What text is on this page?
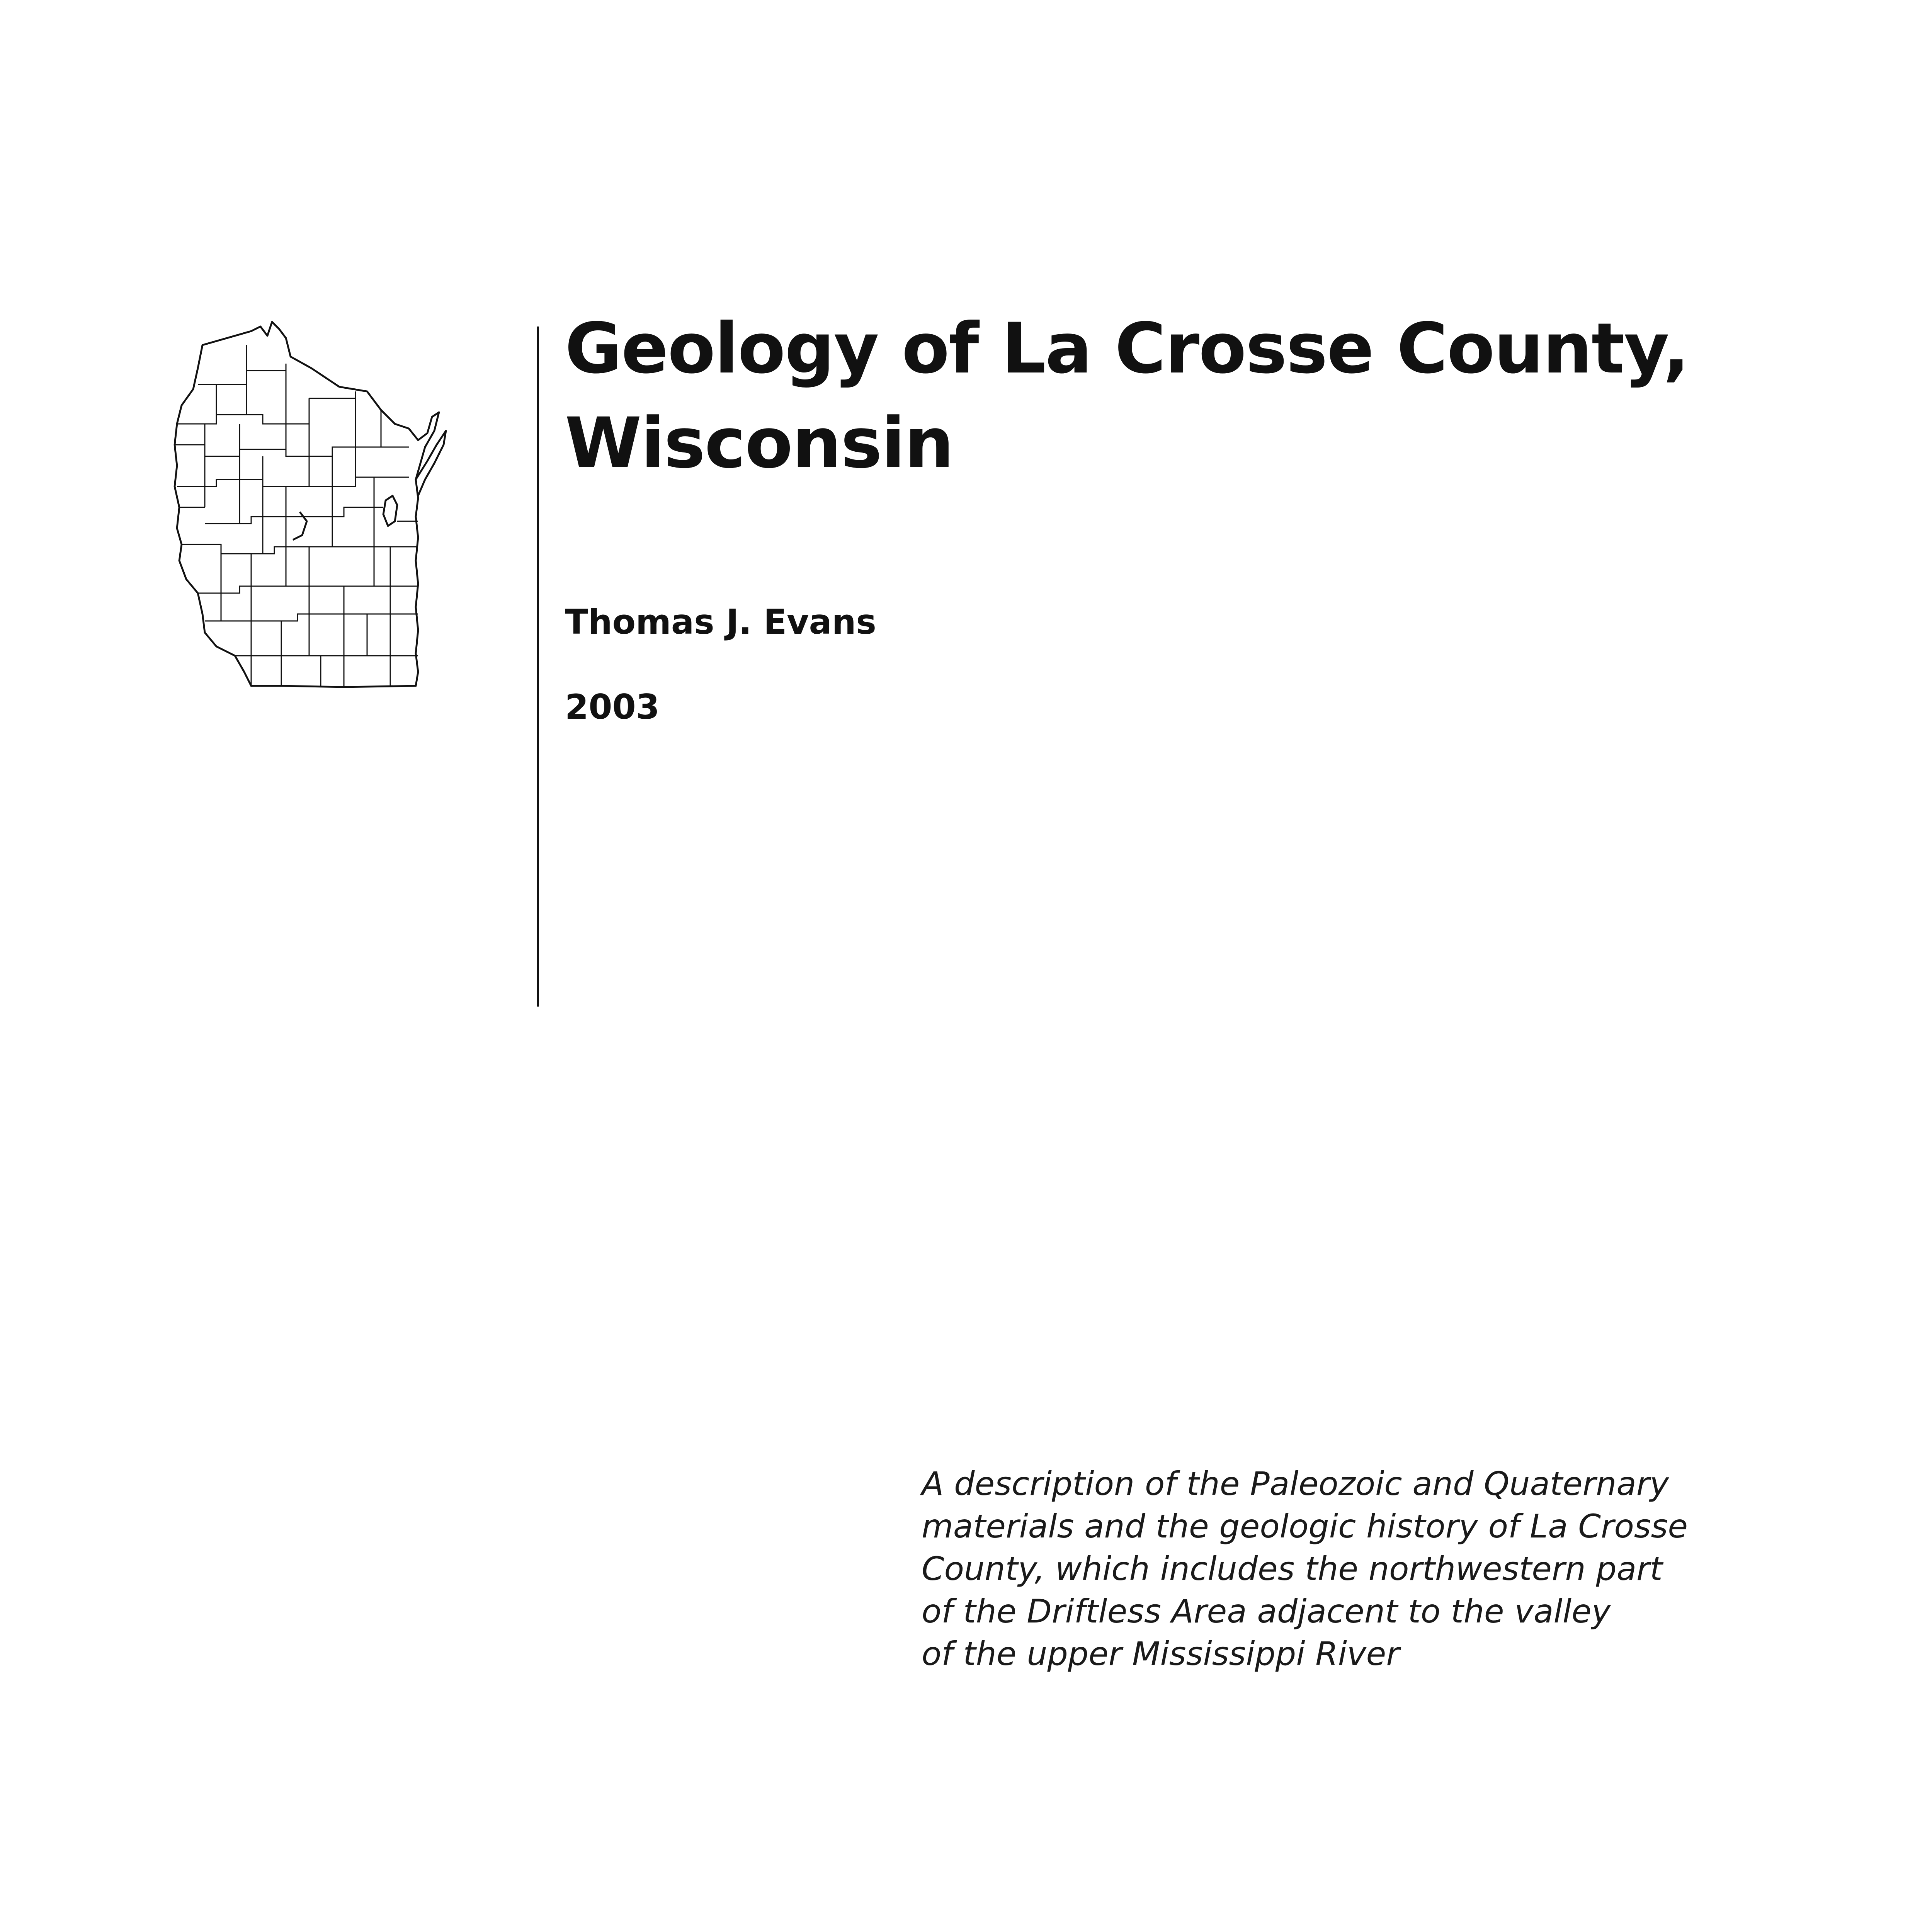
Geology of La Crosse County,
Wisconsin
Thomas J. Evans
2003
A description of the Paleozoic and Quaternary
materials and the geologic history of La Crosse
County, which includes the northwestern part
of the Driftless Area adjacent to the valley
of the upper Mississippi River
